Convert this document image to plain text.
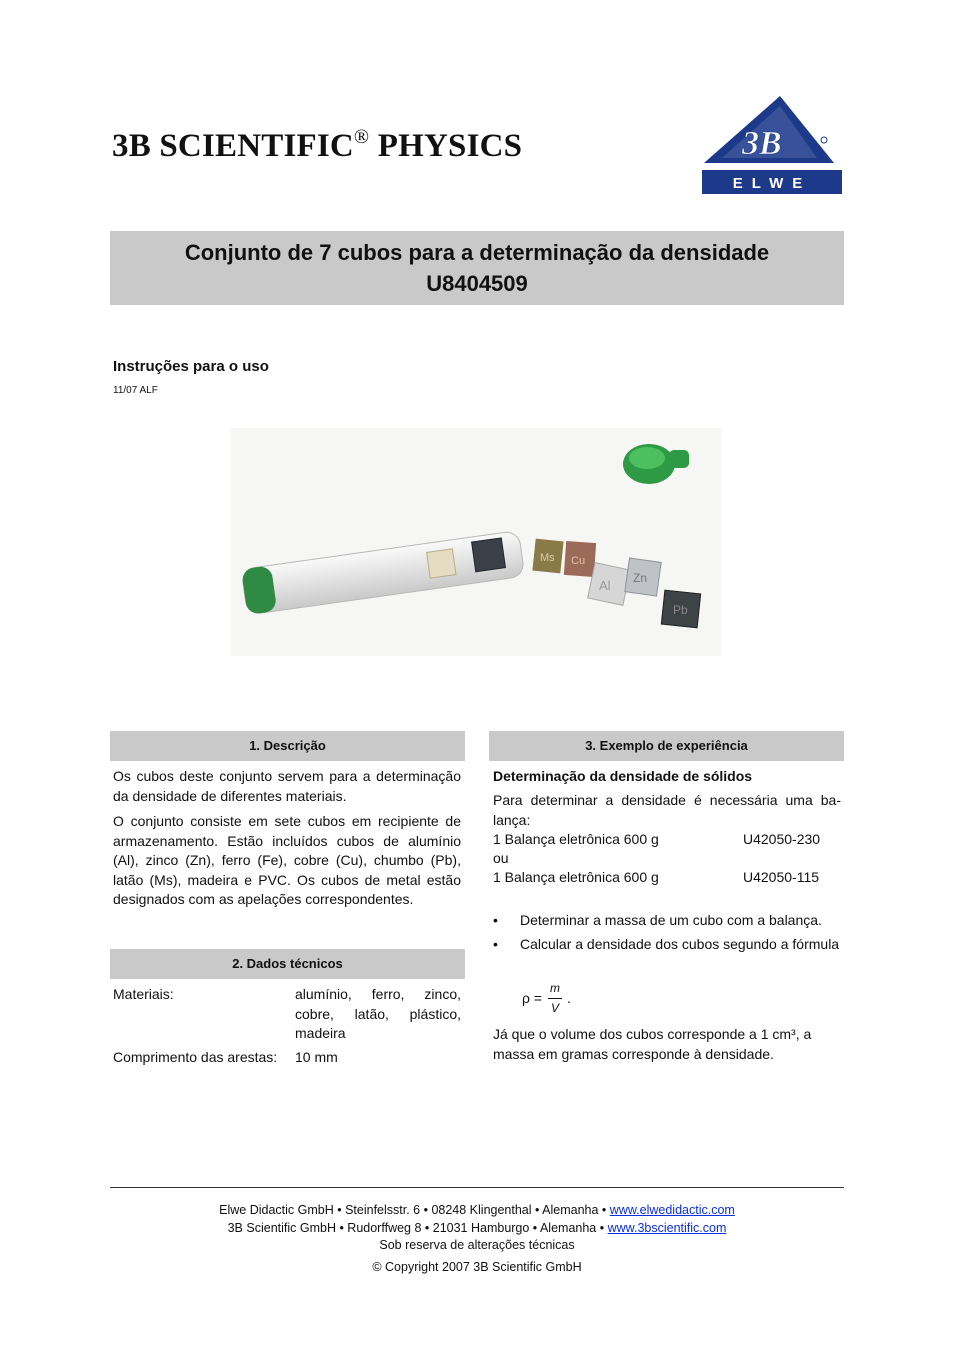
3B SCIENTIFIC® PHYSICS	3B
ELWE
Conjunto de 7 cubos para a determinação da densidade
U8404509
Instruções para o uso
11/07 ALF
Ms Cu
Al Zn
Pb
1. Descrição

Os cubos deste conjunto servem para a determinação da densidade de diferentes materiais.

O conjunto consiste em sete cubos em recipiente de armazenamento. Estão incluídos cubos de alumínio (Al), zinco (Zn), ferro (Fe), cobre (Cu), chumbo (Pb), latão (Ms), madeira e PVC. Os cubos de metal estão designados com as apelações correspondentes.

2. Dados técnicos
Materiais:	alumínio, ferro, zinco, cobre, latão, plástico, madeira
Comprimento das arestas: 10 mm
3. Exemplo de experiência
Determinação da densidade de sólidos
Para determinar a densidade é necessária uma ba-lança:
1 Balança eletrônica 600 g	U42050-230
ou
1 Balança eletrônica 600 g	U42050-115
• Determinar a massa de um cubo com a balança.
• Calcular a densidade dos cubos segundo a fórmula
ρ =
m
V
.
Já que o volume dos cubos corresponde a 1 cm³, a massa em gramas corresponde à densidade.
Elwe Didactic GmbH • Steinfelsstr. 6 • 08248 Klingenthal • Alemanha • www.elwedidactic.com
3B Scientific GmbH • Rudorffweg 8 • 21031 Hamburgo • Alemanha • www.3bscientific.com
Sob reserva de alterações técnicas
© Copyright 2007 3B Scientific GmbH
